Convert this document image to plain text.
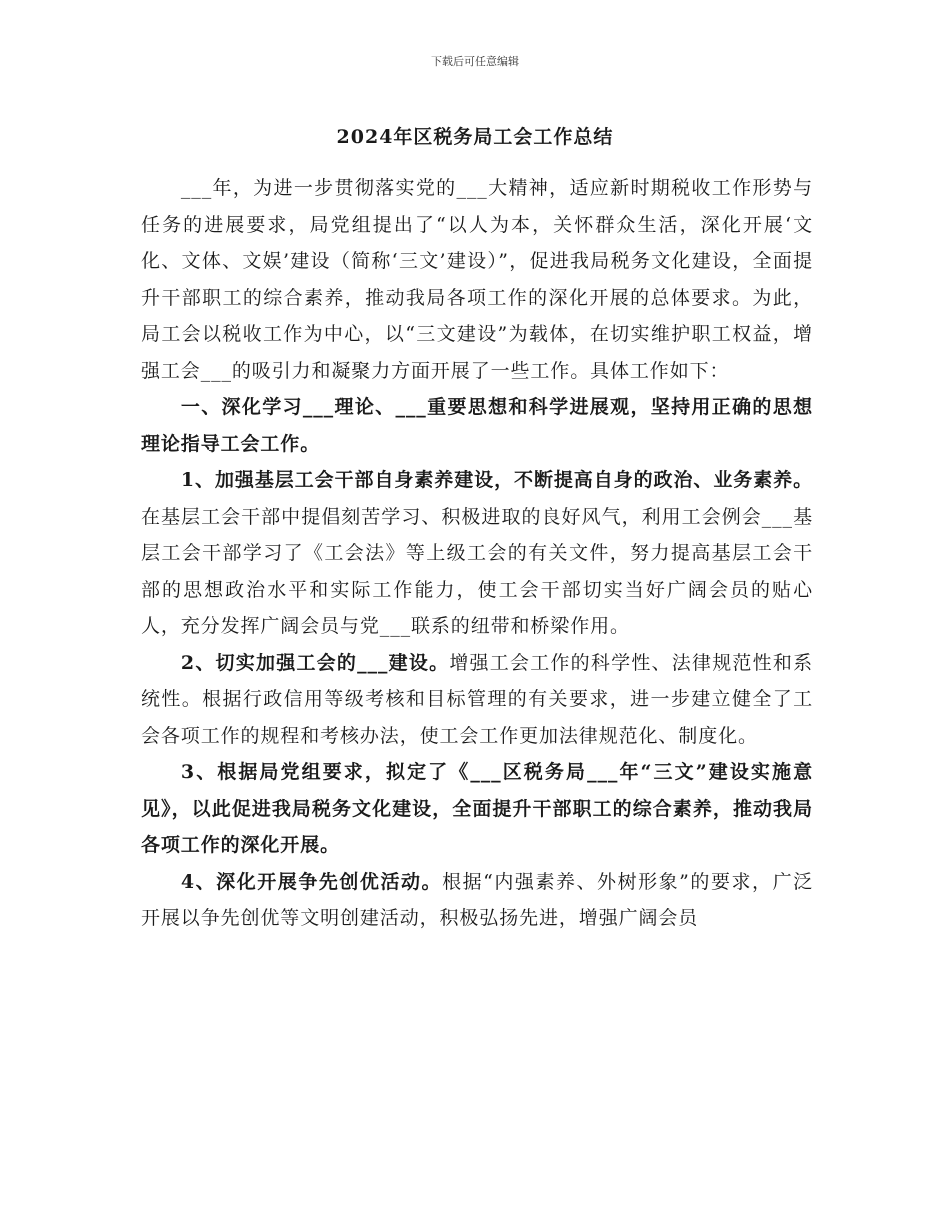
下载后可任意编辑
2024年区税务局工会工作总结

___年，为进一步贯彻落实党的___大精神，适应新时期税收工作形势与任务的进展要求，局党组提出了“以人为本，关怀群众生活，深化开展‘文化、文体、文娱’建设（简称‘三文’建设）”，促进我局税务文化建设，全面提升干部职工的综合素养，推动我局各项工作的深化开展的总体要求。为此，局工会以税收工作为中心，以“三文建设”为载体，在切实维护职工权益，增强工会___的吸引力和凝聚力方面开展了一些工作。具体工作如下：

一、深化学习___理论、___重要思想和科学进展观，坚持用正确的思想理论指导工会工作。

1、加强基层工会干部自身素养建设，不断提高自身的政治、业务素养。在基层工会干部中提倡刻苦学习、积极进取的良好风气，利用工会例会___基层工会干部学习了《工会法》等上级工会的有关文件，努力提高基层工会干部的思想政治水平和实际工作能力，使工会干部切实当好广阔会员的贴心人，充分发挥广阔会员与党___联系的纽带和桥梁作用。

2、切实加强工会的___建设。增强工会工作的科学性、法律规范性和系统性。根据行政信用等级考核和目标管理的有关要求，进一步建立健全了工会各项工作的规程和考核办法，使工会工作更加法律规范化、制度化。

3、根据局党组要求，拟定了《___区税务局___年“三文”建设实施意见》，以此促进我局税务文化建设，全面提升干部职工的综合素养，推动我局各项工作的深化开展。

4、深化开展争先创优活动。根据“内强素养、外树形象”的要求，广泛开展以争先创优等文明创建活动，积极弘扬先进，增强广阔会员
